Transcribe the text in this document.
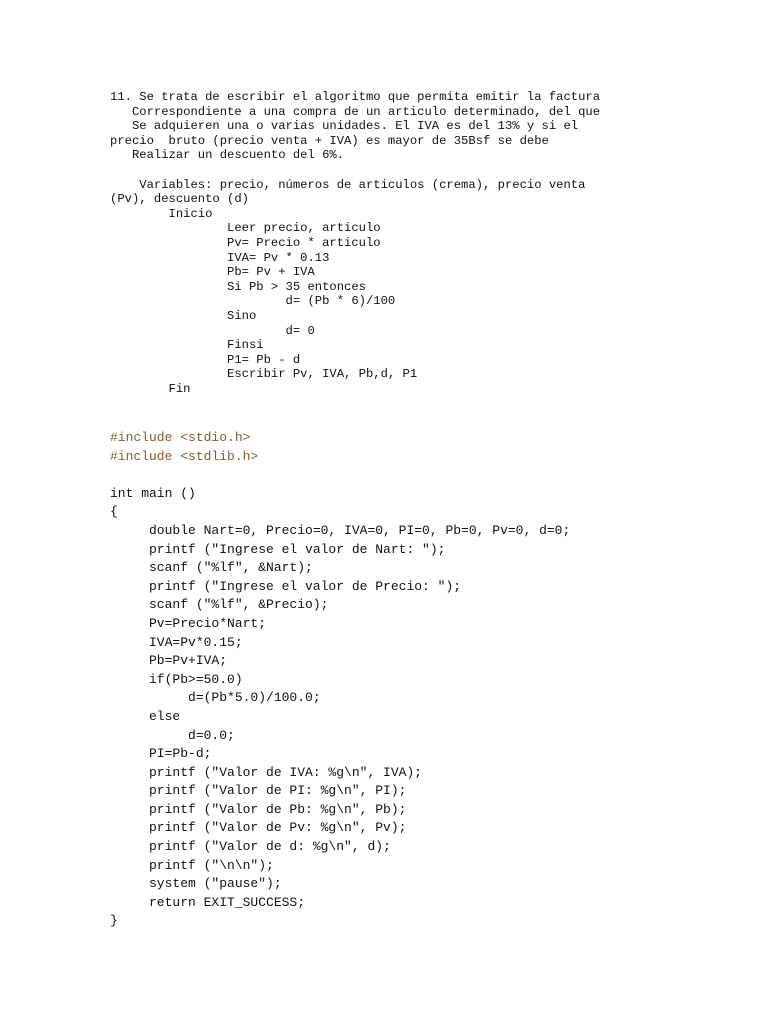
11. Se trata de escribir el algoritmo que permita emitir la factura
Correspondiente a una compra de un articulo determinado, del que
Se adquieren una o varias unidades. El IVA es del 13% y si el
precio  bruto (precio venta + IVA) es mayor de 35Bsf se debe
Realizar un descuento del 6%.
Variables: precio, números de articulos (crema), precio venta
(Pv), descuento (d)
Inicio
Leer precio, articulo
Pv= Precio * articulo
IVA= Pv * 0.13
Pb= Pv + IVA
Si Pb > 35 entonces
d= (Pb * 6)/100
Sino
d= 0
Finsi
P1= Pb - d
Escribir Pv, IVA, Pb,d, P1
Fin
#include <stdio.h>
#include <stdlib.h>
int main ()
{
double Nart=0, Precio=0, IVA=0, PI=0, Pb=0, Pv=0, d=0;
printf ("Ingrese el valor de Nart: ");
scanf ("%lf", &Nart);
printf ("Ingrese el valor de Precio: ");
scanf ("%lf", &Precio);
Pv=Precio*Nart;
IVA=Pv*0.15;
Pb=Pv+IVA;
if(Pb>=50.0)
d=(Pb*5.0)/100.0;
else
d=0.0;
PI=Pb-d;
printf ("Valor de IVA: %g\n", IVA);
printf ("Valor de PI: %g\n", PI);
printf ("Valor de Pb: %g\n", Pb);
printf ("Valor de Pv: %g\n", Pv);
printf ("Valor de d: %g\n", d);
printf ("\n\n");
system ("pause");
return EXIT_SUCCESS;
}
